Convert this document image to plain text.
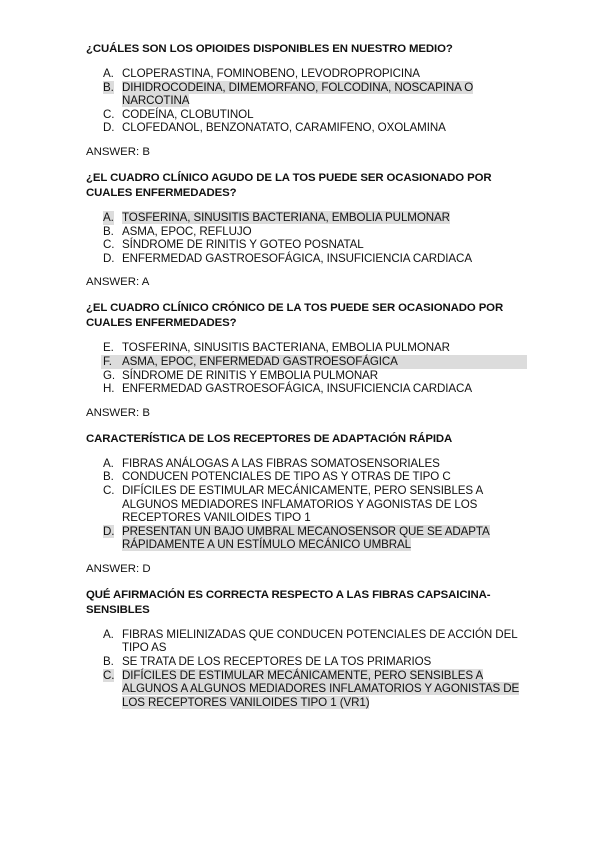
¿CUÁLES SON LOS OPIOIDES DISPONIBLES EN NUESTRO MEDIO?

A. CLOPERASTINA, FOMINOBENO, LEVODROPROPICINA
B. DIHIDROCODEINA, DIMEMORFANO, FOLCODINA, NOSCAPINA O NARCOTINA
C. CODEÍNA, CLOBUTINOL
D. CLOFEDANOL, BENZONATATO, CARAMIFENO, OXOLAMINA

ANSWER: B

¿EL CUADRO CLÍNICO AGUDO DE LA TOS PUEDE SER OCASIONADO POR CUALES ENFERMEDADES?

A. TOSFERINA, SINUSITIS BACTERIANA, EMBOLIA PULMONAR
B. ASMA, EPOC, REFLUJO
C. SÍNDROME DE RINITIS Y GOTEO POSNATAL
D. ENFERMEDAD GASTROESOFÁGICA, INSUFICIENCIA CARDIACA

ANSWER: A

¿EL CUADRO CLÍNICO CRÓNICO DE LA TOS PUEDE SER OCASIONADO POR CUALES ENFERMEDADES?

E. TOSFERINA, SINUSITIS BACTERIANA, EMBOLIA PULMONAR
F. ASMA, EPOC, ENFERMEDAD GASTROESOFÁGICA
G. SÍNDROME DE RINITIS Y EMBOLIA PULMONAR
H. ENFERMEDAD GASTROESOFÁGICA, INSUFICIENCIA CARDIACA

ANSWER: B

CARACTERÍSTICA DE LOS RECEPTORES DE ADAPTACIÓN RÁPIDA

A. FIBRAS ANÁLOGAS A LAS FIBRAS SOMATOSENSORIALES
B. CONDUCEN POTENCIALES DE TIPO AS Y OTRAS DE TIPO C
C. DIFÍCILES DE ESTIMULAR MECÁNICAMENTE, PERO SENSIBLES A ALGUNOS MEDIADORES INFLAMATORIOS Y AGONISTAS DE LOS RECEPTORES VANILOIDES TIPO 1
D. PRESENTAN UN BAJO UMBRAL MECANOSENSOR QUE SE ADAPTA RÁPIDAMENTE A UN ESTÍMULO MECÁNICO UMBRAL

ANSWER: D

QUÉ AFIRMACIÓN ES CORRECTA RESPECTO A LAS FIBRAS CAPSAICINA-SENSIBLES

A. FIBRAS MIELINIZADAS QUE CONDUCEN POTENCIALES DE ACCIÓN DEL TIPO AS
B. SE TRATA DE LOS RECEPTORES DE LA TOS PRIMARIOS
C. DIFÍCILES DE ESTIMULAR MECÁNICAMENTE, PERO SENSIBLES A ALGUNOS A ALGUNOS MEDIADORES INFLAMATORIOS Y AGONISTAS DE LOS RECEPTORES VANILOIDES TIPO 1 (VR1)
